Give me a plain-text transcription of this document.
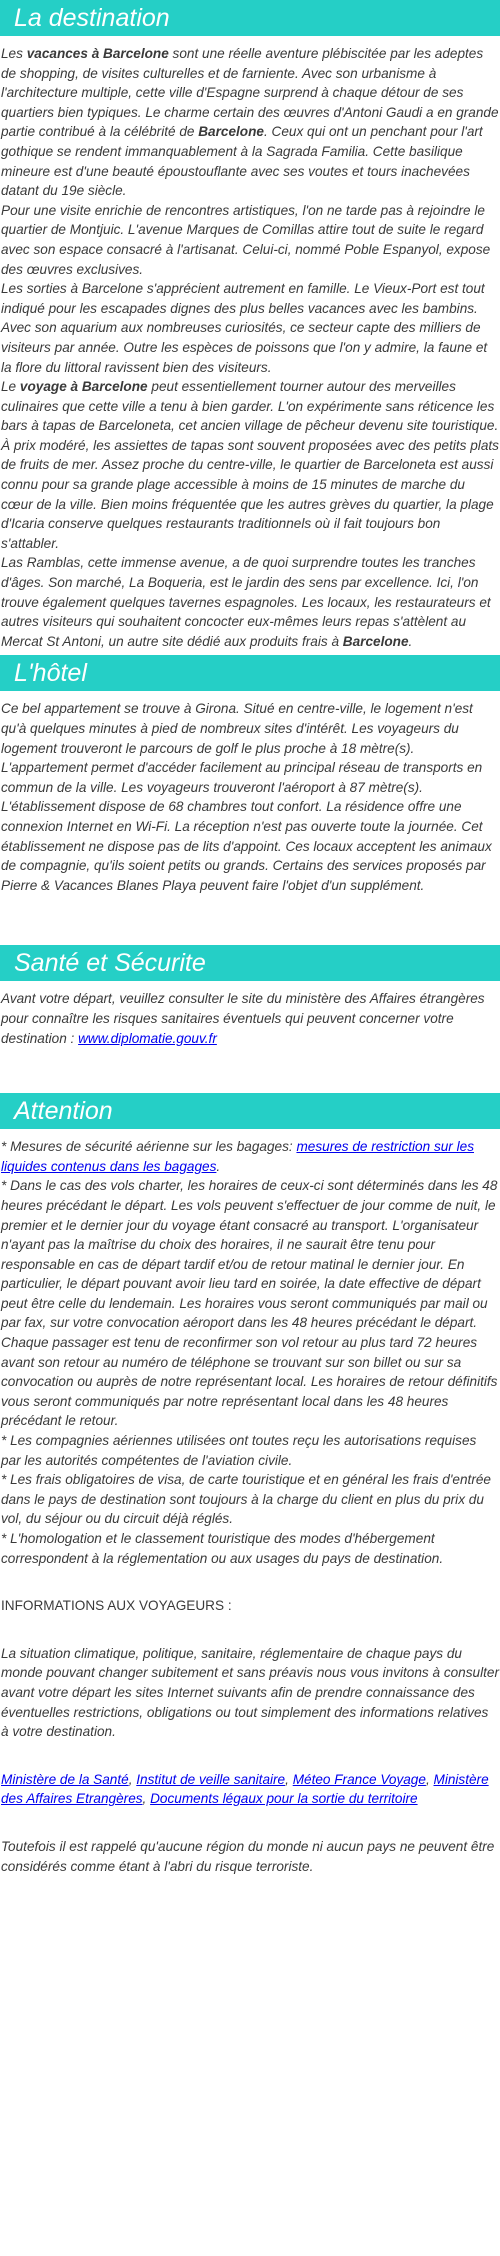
La destination

Les vacances à Barcelone sont une réelle aventure plébiscitée par les adeptes de shopping, de visites culturelles et de farniente. Avec son urbanisme à l'architecture multiple, cette ville d'Espagne surprend à chaque détour de ses quartiers bien typiques. Le charme certain des œuvres d'Antoni Gaudi a en grande partie contribué à la célébrité de Barcelone. Ceux qui ont un penchant pour l'art gothique se rendent immanquablement à la Sagrada Familia. Cette basilique mineure est d'une beauté époustouflante avec ses voutes et tours inachevées datant du 19e siècle.

Pour une visite enrichie de rencontres artistiques, l'on ne tarde pas à rejoindre le quartier de Montjuic. L'avenue Marques de Comillas attire tout de suite le regard avec son espace consacré à l'artisanat. Celui-ci, nommé Poble Espanyol, expose des œuvres exclusives.

Les sorties à Barcelone s'apprécient autrement en famille. Le Vieux-Port est tout indiqué pour les escapades dignes des plus belles vacances avec les bambins. Avec son aquarium aux nombreuses curiosités, ce secteur capte des milliers de visiteurs par année. Outre les espèces de poissons que l'on y admire, la faune et la flore du littoral ravissent bien des visiteurs.

Le voyage à Barcelone peut essentiellement tourner autour des merveilles culinaires que cette ville a tenu à bien garder. L'on expérimente sans réticence les bars à tapas de Barceloneta, cet ancien village de pêcheur devenu site touristique. À prix modéré, les assiettes de tapas sont souvent proposées avec des petits plats de fruits de mer. Assez proche du centre-ville, le quartier de Barceloneta est aussi connu pour sa grande plage accessible à moins de 15 minutes de marche du cœur de la ville. Bien moins fréquentée que les autres grèves du quartier, la plage d'Icaria conserve quelques restaurants traditionnels où il fait toujours bon s'attabler.

Las Ramblas, cette immense avenue, a de quoi surprendre toutes les tranches d'âges. Son marché, La Boqueria, est le jardin des sens par excellence. Ici, l'on trouve également quelques tavernes espagnoles. Les locaux, les restaurateurs et autres visiteurs qui souhaitent concocter eux-mêmes leurs repas s'attèlent au Mercat St Antoni, un autre site dédié aux produits frais à Barcelone.

L'hôtel

Ce bel appartement se trouve à Girona. Situé en centre-ville, le logement n'est qu'à quelques minutes à pied de nombreux sites d'intérêt. Les voyageurs du logement trouveront le parcours de golf le plus proche à 18 mètre(s). L'appartement permet d'accéder facilement au principal réseau de transports en commun de la ville. Les voyageurs trouveront l'aéroport à 87 mètre(s). L'établissement dispose de 68 chambres tout confort. La résidence offre une connexion Internet en Wi-Fi. La réception n'est pas ouverte toute la journée. Cet établissement ne dispose pas de lits d'appoint. Ces locaux acceptent les animaux de compagnie, qu'ils soient petits ou grands. Certains des services proposés par Pierre & Vacances Blanes Playa peuvent faire l'objet d'un supplément.

Santé et Sécurite

Avant votre départ, veuillez consulter le site du ministère des Affaires étrangères pour connaître les risques sanitaires éventuels qui peuvent concerner votre destination : www.diplomatie.gouv.fr

Attention

* Mesures de sécurité aérienne sur les bagages: mesures de restriction sur les liquides contenus dans les bagages.

* Dans le cas des vols charter, les horaires de ceux-ci sont déterminés dans les 48 heures précédant le départ. Les vols peuvent s'effectuer de jour comme de nuit, le premier et le dernier jour du voyage étant consacré au transport. L'organisateur n'ayant pas la maîtrise du choix des horaires, il ne saurait être tenu pour responsable en cas de départ tardif et/ou de retour matinal le dernier jour. En particulier, le départ pouvant avoir lieu tard en soirée, la date effective de départ peut être celle du lendemain. Les horaires vous seront communiqués par mail ou par fax, sur votre convocation aéroport dans les 48 heures précédant le départ. Chaque passager est tenu de reconfirmer son vol retour au plus tard 72 heures avant son retour au numéro de téléphone se trouvant sur son billet ou sur sa convocation ou auprès de notre représentant local. Les horaires de retour définitifs vous seront communiqués par notre représentant local dans les 48 heures précédant le retour.

* Les compagnies aériennes utilisées ont toutes reçu les autorisations requises par les autorités compétentes de l'aviation civile.

* Les frais obligatoires de visa, de carte touristique et en général les frais d'entrée dans le pays de destination sont toujours à la charge du client en plus du prix du vol, du séjour ou du circuit déjà réglés.

* L'homologation et le classement touristique des modes d'hébergement correspondent à la réglementation ou aux usages du pays de destination.

INFORMATIONS AUX VOYAGEURS :

La situation climatique, politique, sanitaire, réglementaire de chaque pays du monde pouvant changer subitement et sans préavis nous vous invitons à consulter avant votre départ les sites Internet suivants afin de prendre connaissance des éventuelles restrictions, obligations ou tout simplement des informations relatives à votre destination.

Ministère de la Santé, Institut de veille sanitaire, Méteo France Voyage, Ministère des Affaires Etrangères, Documents légaux pour la sortie du territoire

Toutefois il est rappelé qu'aucune région du monde ni aucun pays ne peuvent être considérés comme étant à l'abri du risque terroriste.
